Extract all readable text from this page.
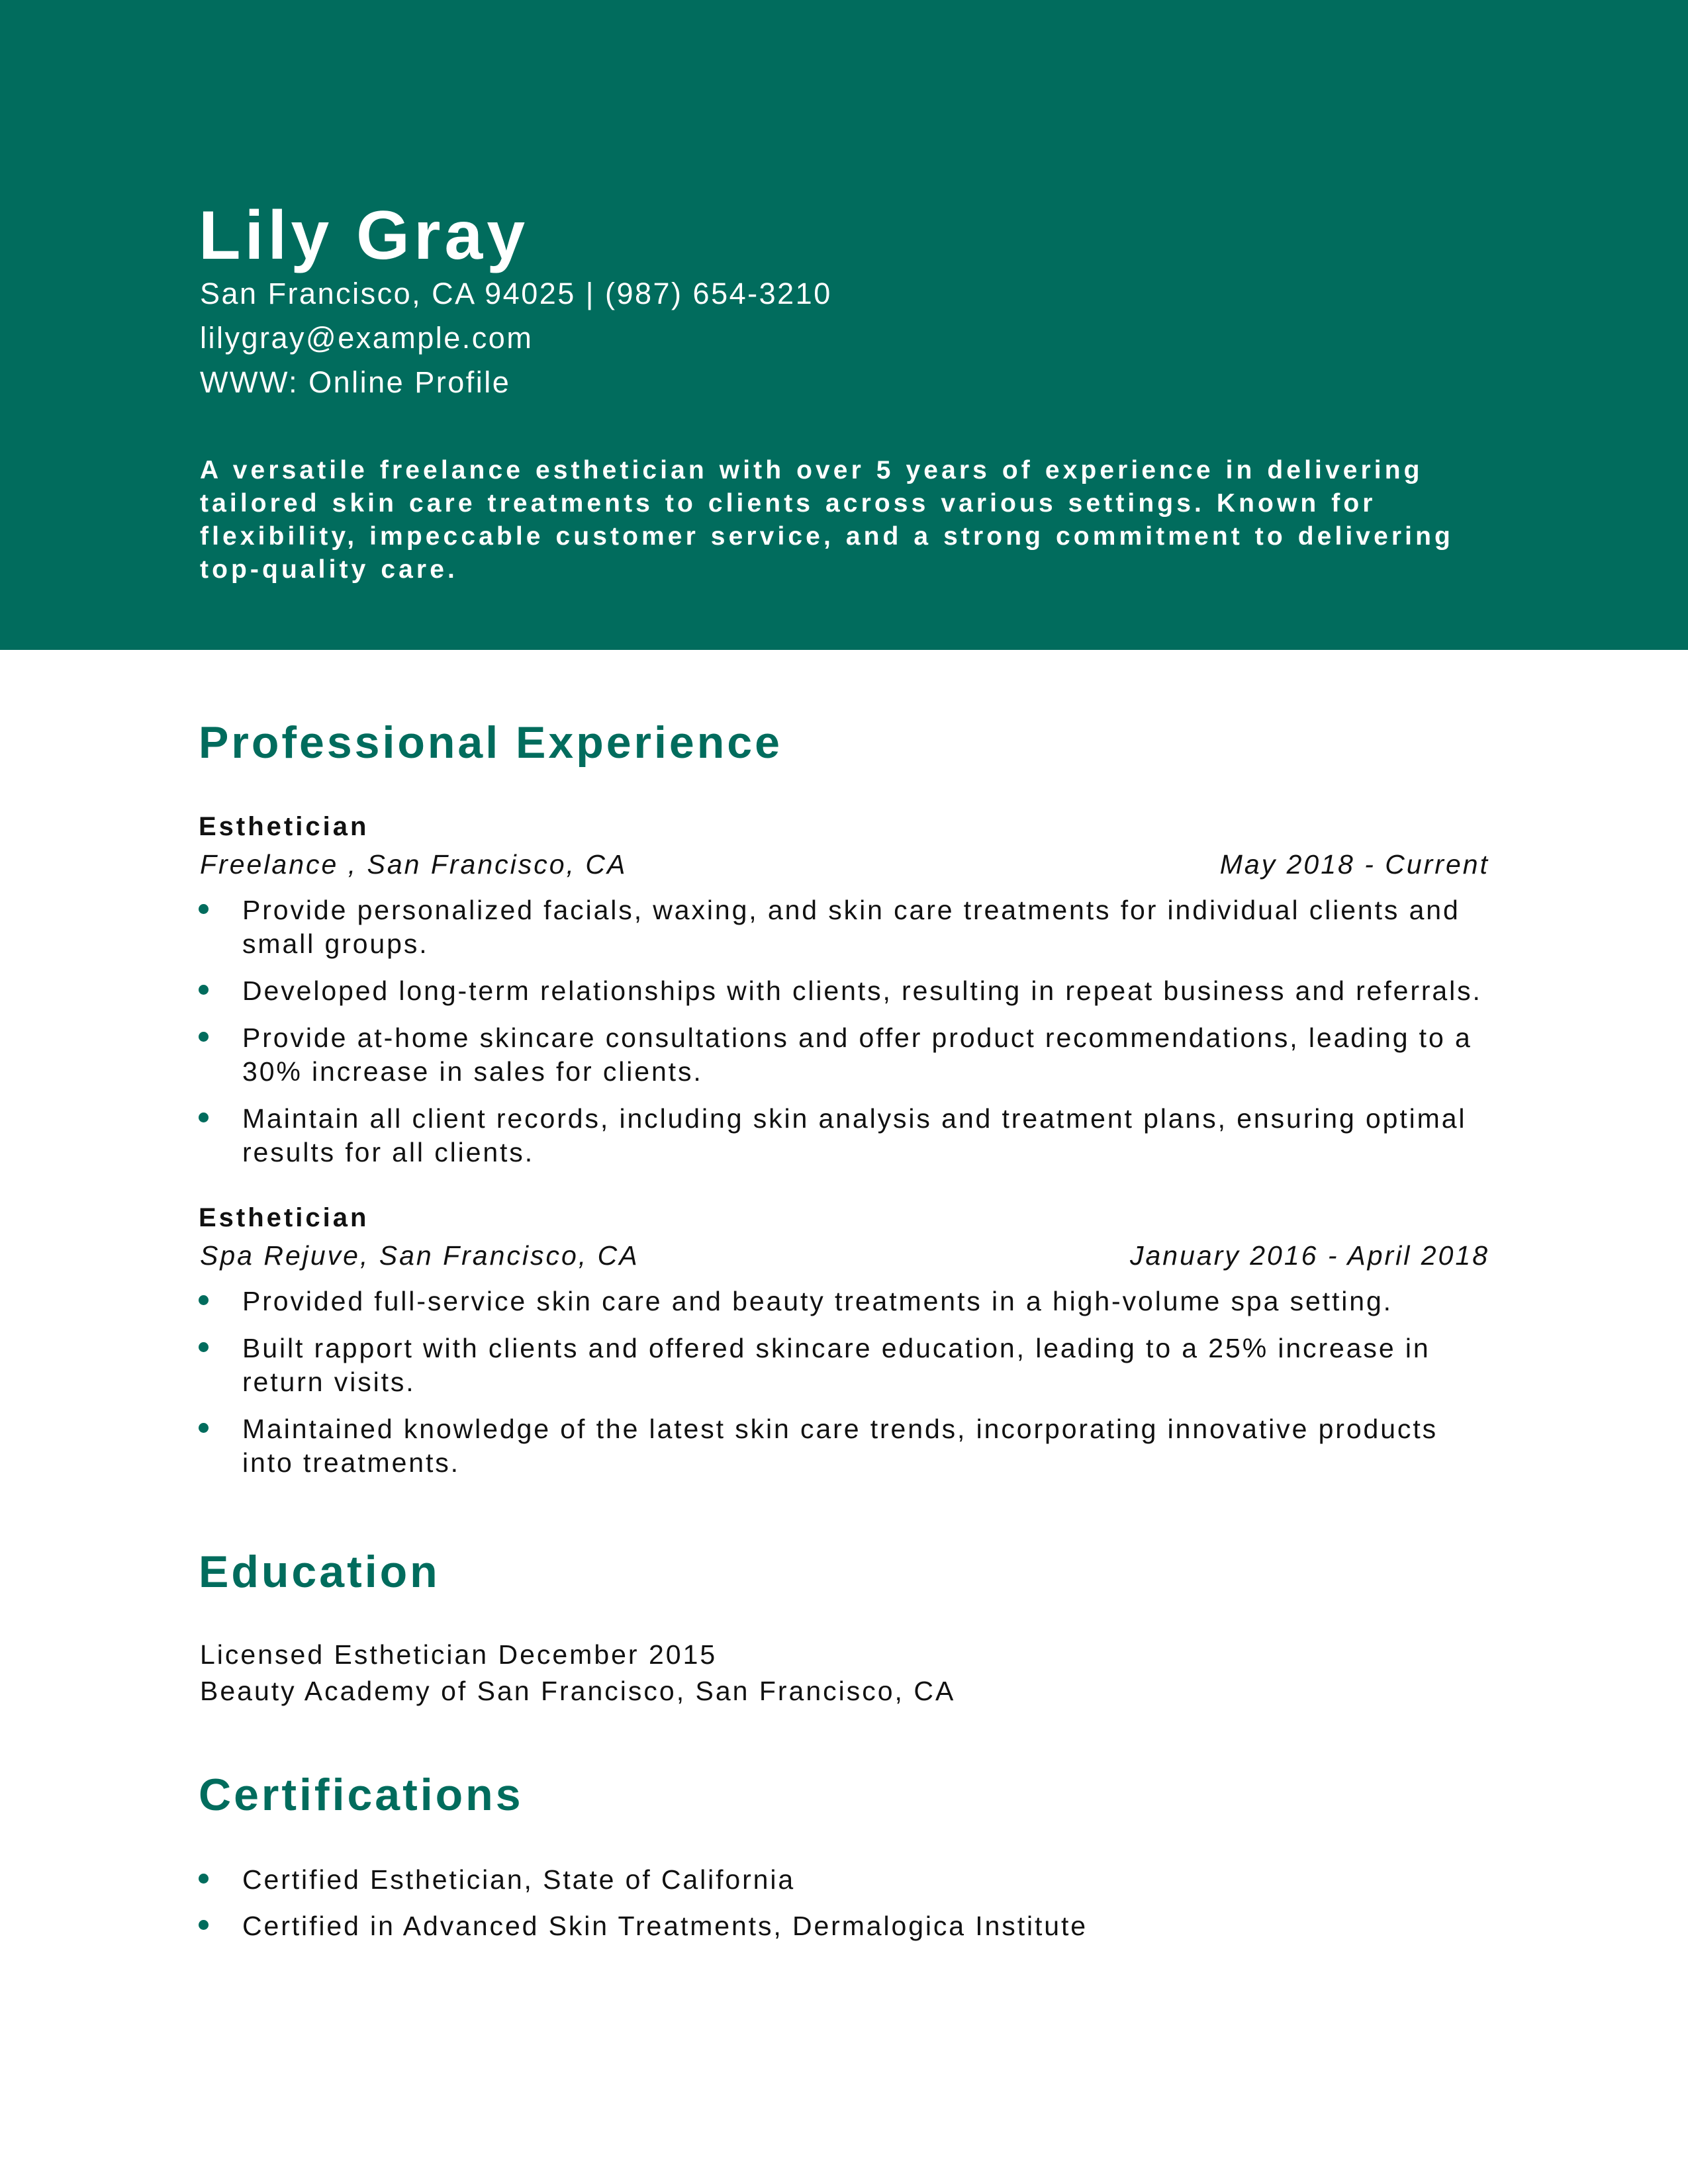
Lily Gray

San Francisco, CA 94025 | (987) 654-3210

lilygray@example.com

WWW: Online Profile

A versatile freelance esthetician with over 5 years of experience in delivering tailored skin care treatments to clients across various settings. Known for flexibility, impeccable customer service, and a strong commitment to delivering top-quality care.

Professional Experience

Esthetician

Freelance , San Francisco, CA	May 2018 - Current
Provide personalized facials, waxing, and skin care treatments for individual clients and small groups.
Developed long-term relationships with clients, resulting in repeat business and referrals.
Provide at-home skincare consultations and offer product recommendations, leading to a 30% increase in sales for clients.
Maintain all client records, including skin analysis and treatment plans, ensuring optimal results for all clients.

Esthetician

Spa Rejuve, San Francisco, CA	January 2016 - April 2018
Provided full-service skin care and beauty treatments in a high-volume spa setting.
Built rapport with clients and offered skincare education, leading to a 25% increase in return visits.
Maintained knowledge of the latest skin care trends, incorporating innovative products into treatments.
Education

Licensed Esthetician December 2015

Beauty Academy of San Francisco, San Francisco, CA

Certifications
Certified Esthetician, State of California
Certified in Advanced Skin Treatments, Dermalogica Institute
